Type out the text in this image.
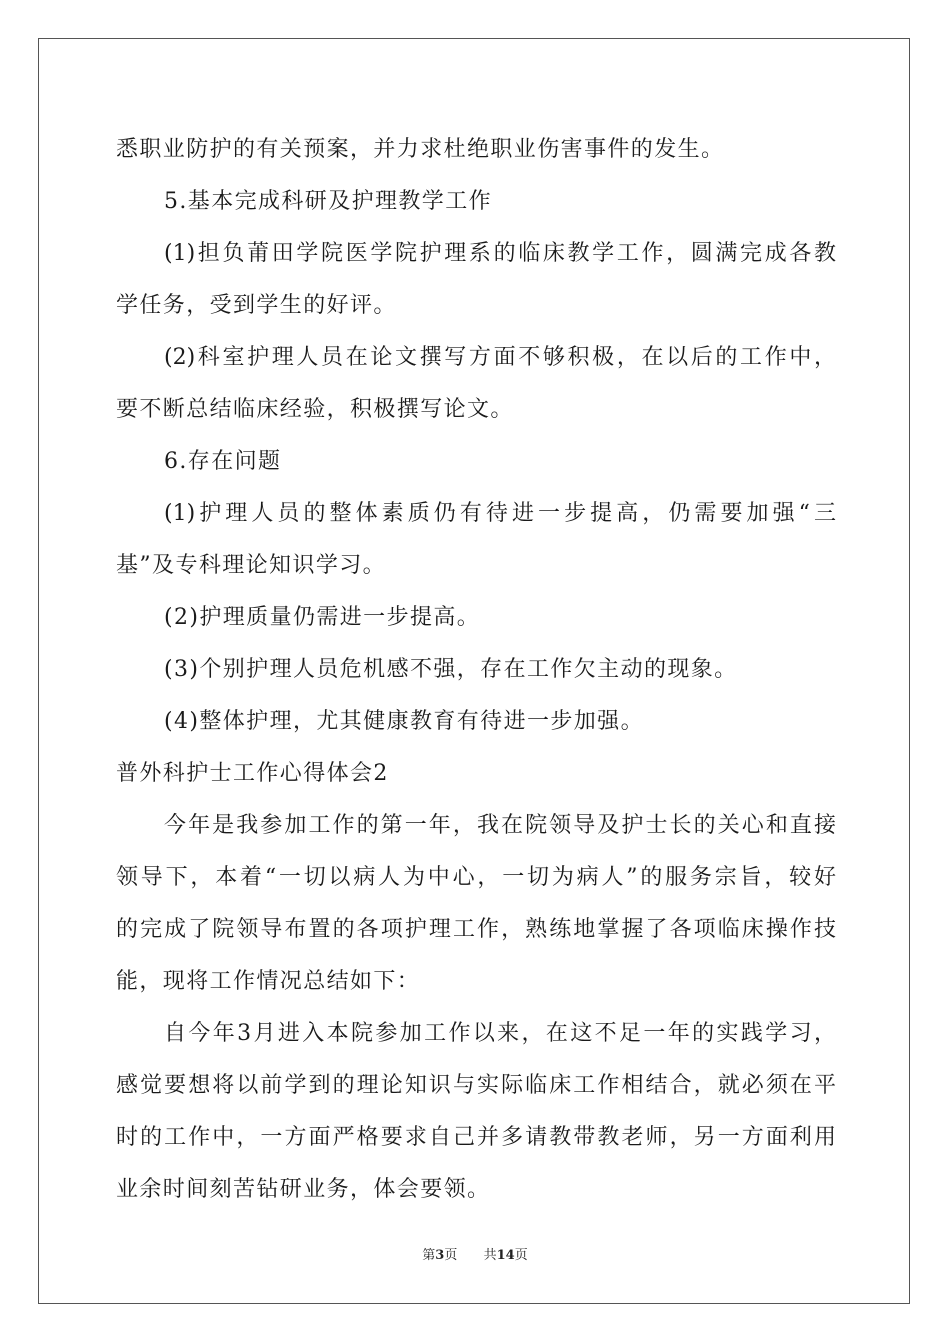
悉职业防护的有关预案，并力求杜绝职业伤害事件的发生。
5.基本完成科研及护理教学工作
(1)担负莆田学院医学院护理系的临床教学工作，圆满完成各教
学任务，受到学生的好评。
(2)科室护理人员在论文撰写方面不够积极，在以后的工作中，
要不断总结临床经验，积极撰写论文。
6.存在问题
(1)护理人员的整体素质仍有待进一步提高，仍需要加强“三
基”及专科理论知识学习。
(2)护理质量仍需进一步提高。
(3)个别护理人员危机感不强，存在工作欠主动的现象。
(4)整体护理，尤其健康教育有待进一步加强。
普外科护士工作心得体会2
今年是我参加工作的第一年，我在院领导及护士长的关心和直接
领导下，本着“一切以病人为中心，一切为病人”的服务宗旨，较好
的完成了院领导布置的各项护理工作，熟练地掌握了各项临床操作技
能，现将工作情况总结如下：
自今年3月进入本院参加工作以来，在这不足一年的实践学习，
感觉要想将以前学到的理论知识与实际临床工作相结合，就必须在平
时的工作中，一方面严格要求自己并多请教带教老师，另一方面利用
业余时间刻苦钻研业务，体会要领。
第3页 共14页
